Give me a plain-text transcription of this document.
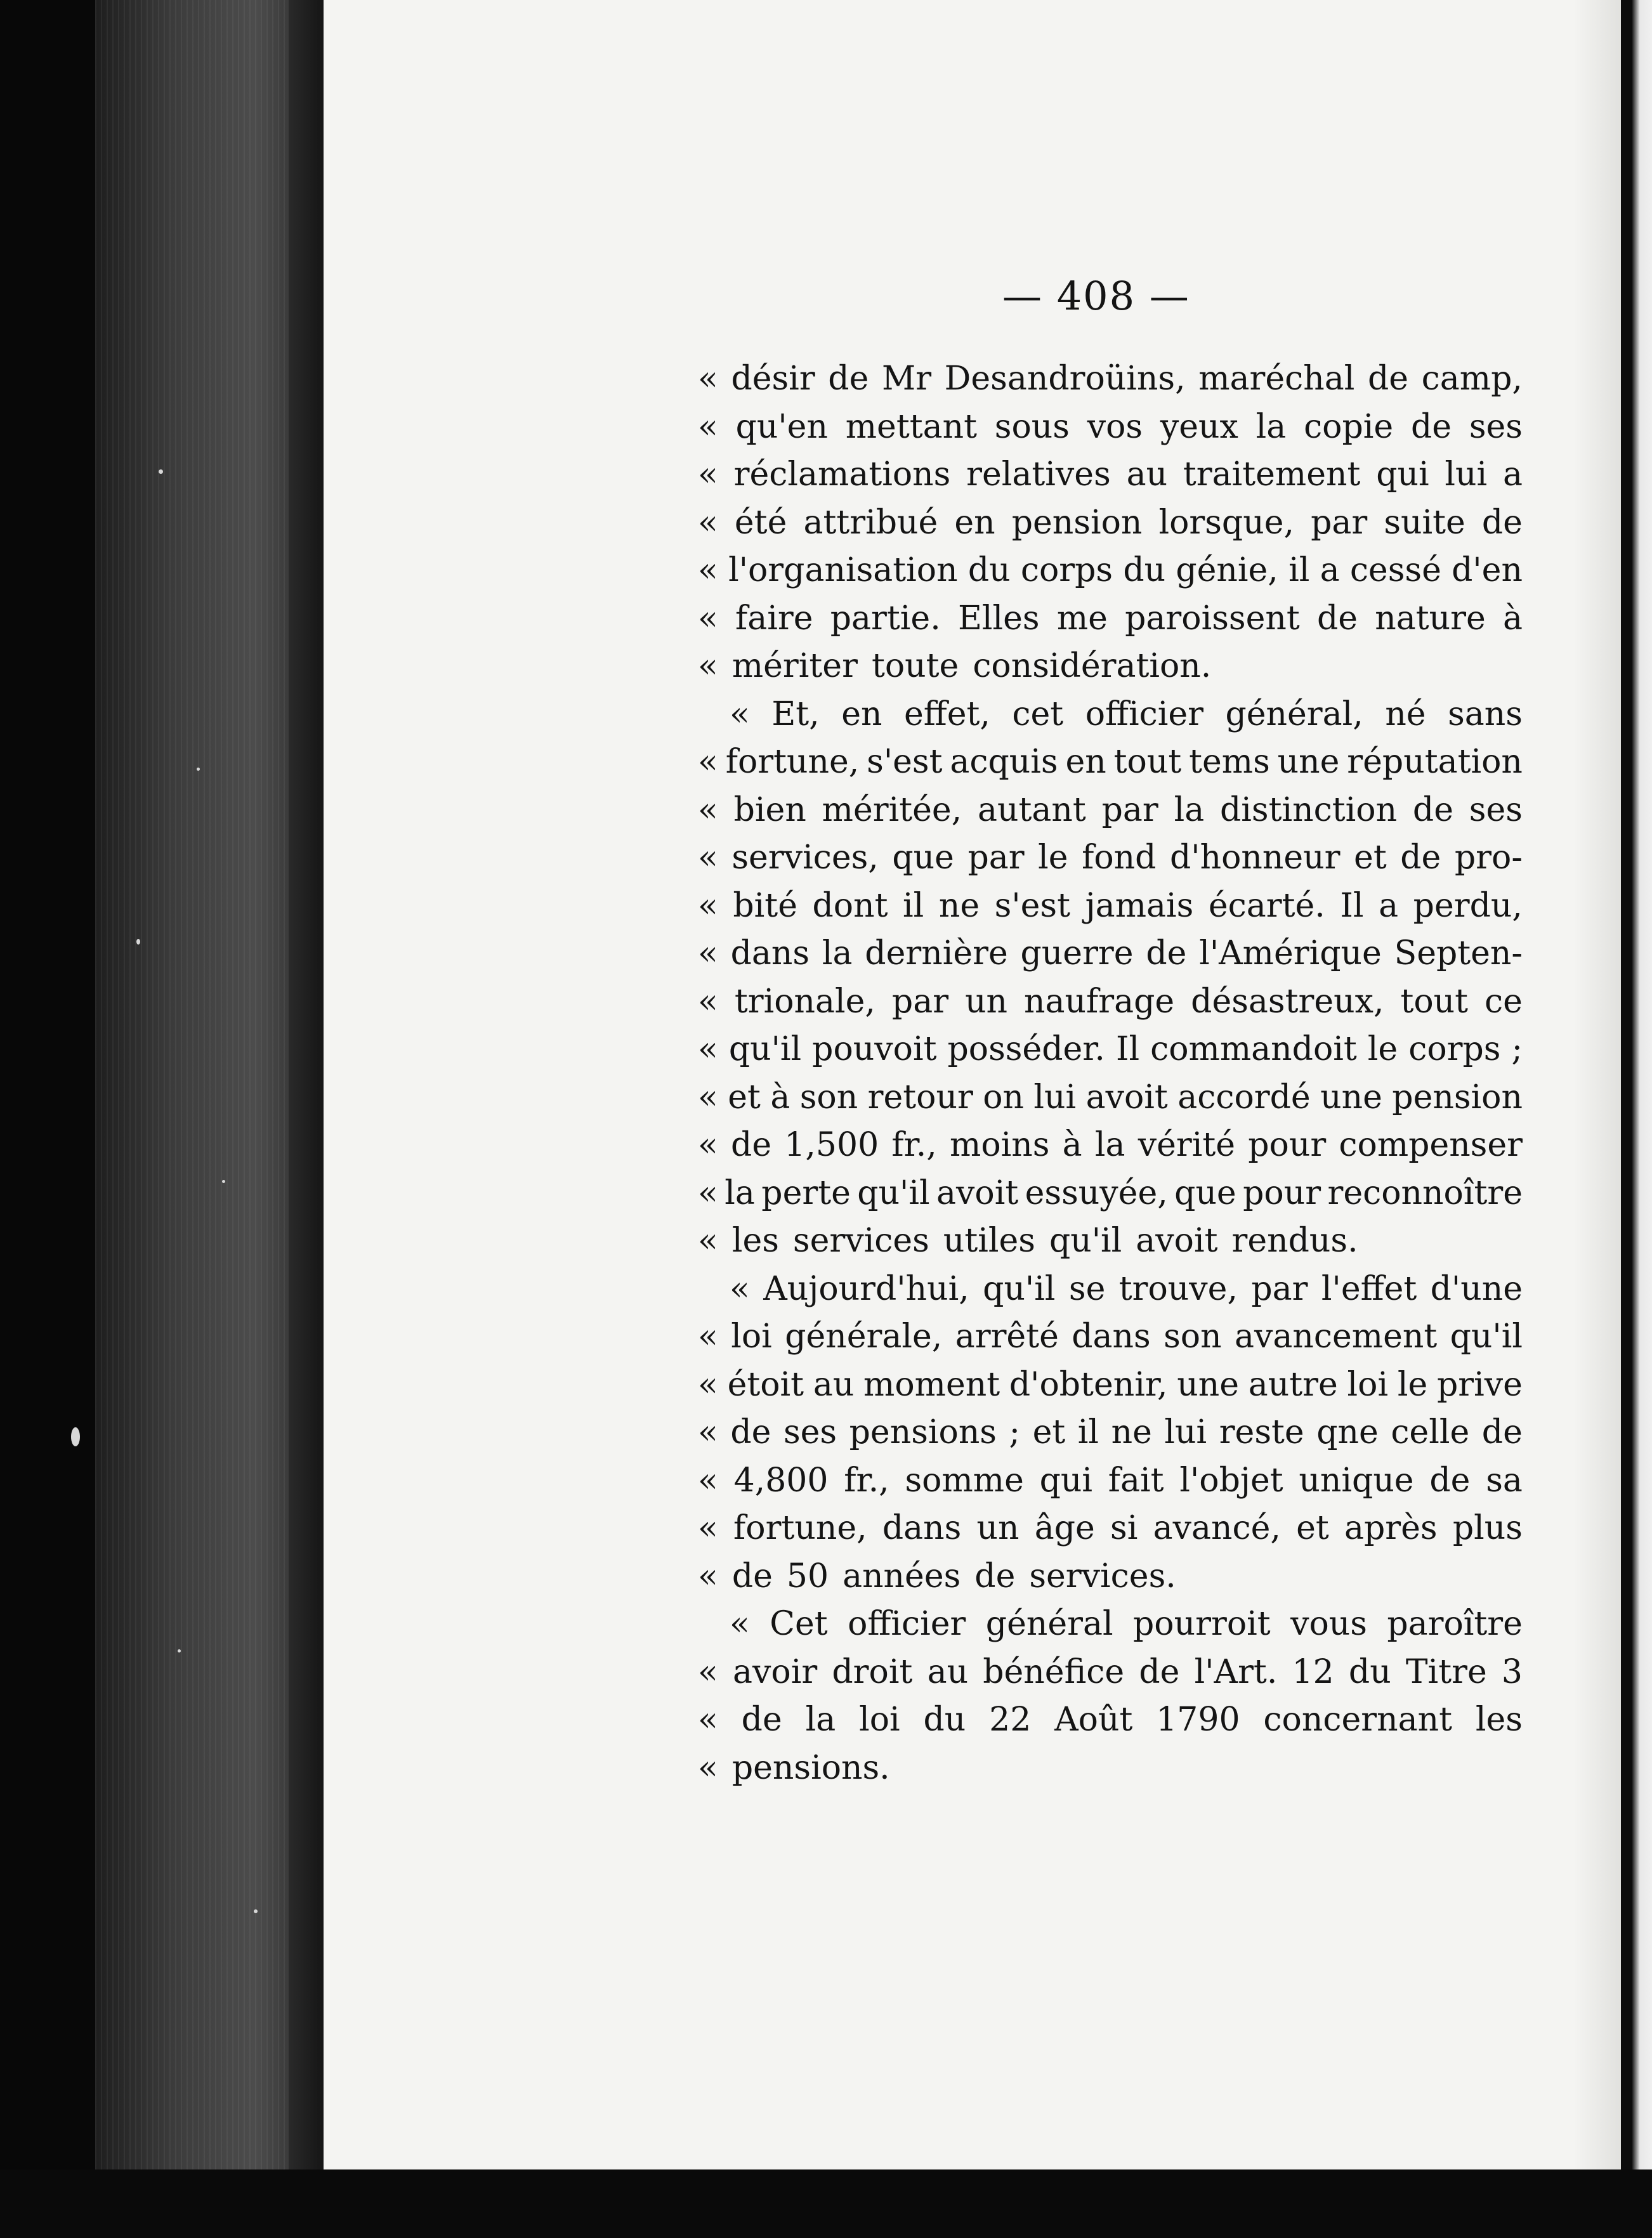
— 408 —
« désir de Mr Desandroüins, maréchal de camp,
« qu'en mettant sous vos yeux la copie de ses
« réclamations relatives au traitement qui lui a
« été attribué en pension lorsque, par suite de
« l'organisation du corps du génie, il a cessé d'en
« faire partie. Elles me paroissent de nature à
« mériter toute considération.
« Et, en effet, cet officier général, né sans
« fortune, s'est acquis en tout tems une réputation
« bien méritée, autant par la distinction de ses
« services, que par le fond d'honneur et de pro-
« bité dont il ne s'est jamais écarté. Il a perdu,
« dans la dernière guerre de l'Amérique Septen-
« trionale, par un naufrage désastreux, tout ce
« qu'il pouvoit posséder. Il commandoit le corps ;
« et à son retour on lui avoit accordé une pension
« de 1,500 fr., moins à la vérité pour compenser
« la perte qu'il avoit essuyée, que pour reconnoître
« les services utiles qu'il avoit rendus.
« Aujourd'hui, qu'il se trouve, par l'effet d'une
« loi générale, arrêté dans son avancement qu'il
« étoit au moment d'obtenir, une autre loi le prive
« de ses pensions ; et il ne lui reste qne celle de
« 4,800 fr., somme qui fait l'objet unique de sa
« fortune, dans un âge si avancé, et après plus
« de 50 années de services.
« Cet officier général pourroit vous paroître
« avoir droit au bénéfice de l'Art. 12 du Titre 3
« de la loi du 22 Août 1790 concernant les
« pensions.
